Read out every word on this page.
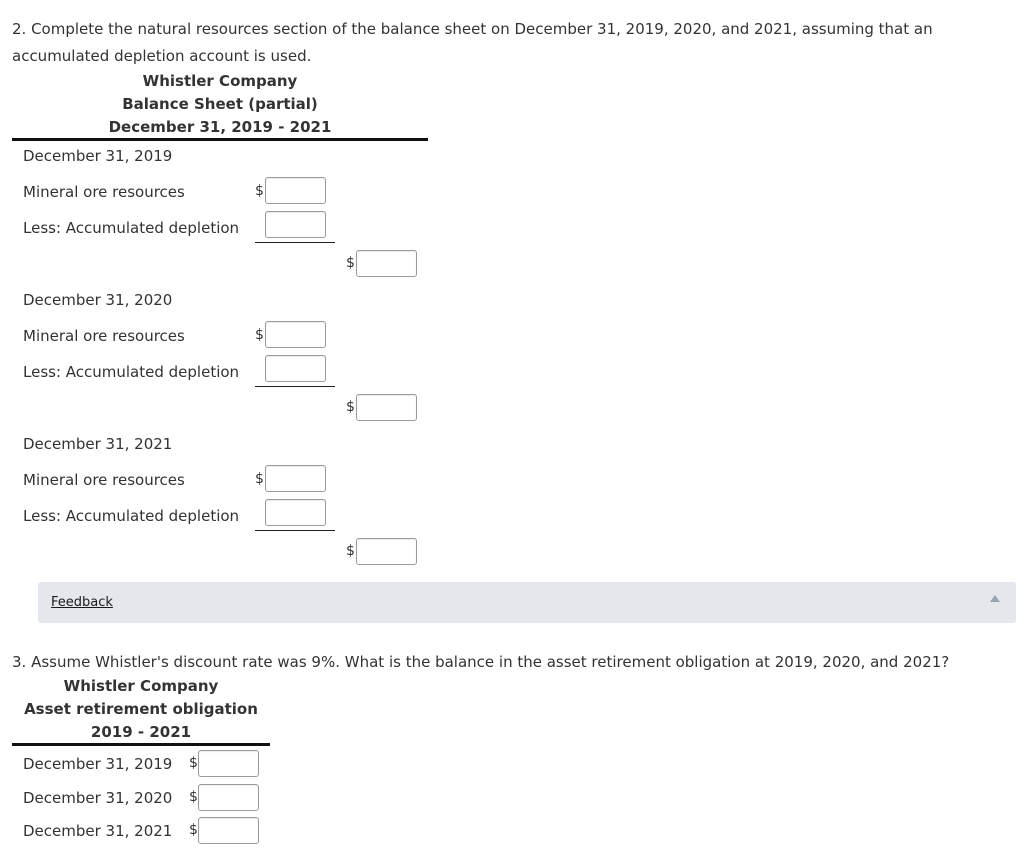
2. Complete the natural resources section of the balance sheet on December 31, 2019, 2020, and 2021, assuming that an accumulated depletion account is used.
Whistler Company
Balance Sheet (partial)
December 31, 2019 - 2021
December 31, 2019
Mineral ore resources	$
Less: Accumulated depletion
$
December 31, 2020
Mineral ore resources	$
Less: Accumulated depletion
$
December 31, 2021
Mineral ore resources	$
Less: Accumulated depletion
$
Feedback
3. Assume Whistler's discount rate was 9%. What is the balance in the asset retirement obligation at 2019, 2020, and 2021?
Whistler Company
Asset retirement obligation
2019 - 2021
December 31, 2019 $
December 31, 2020 $
December 31, 2021 $
